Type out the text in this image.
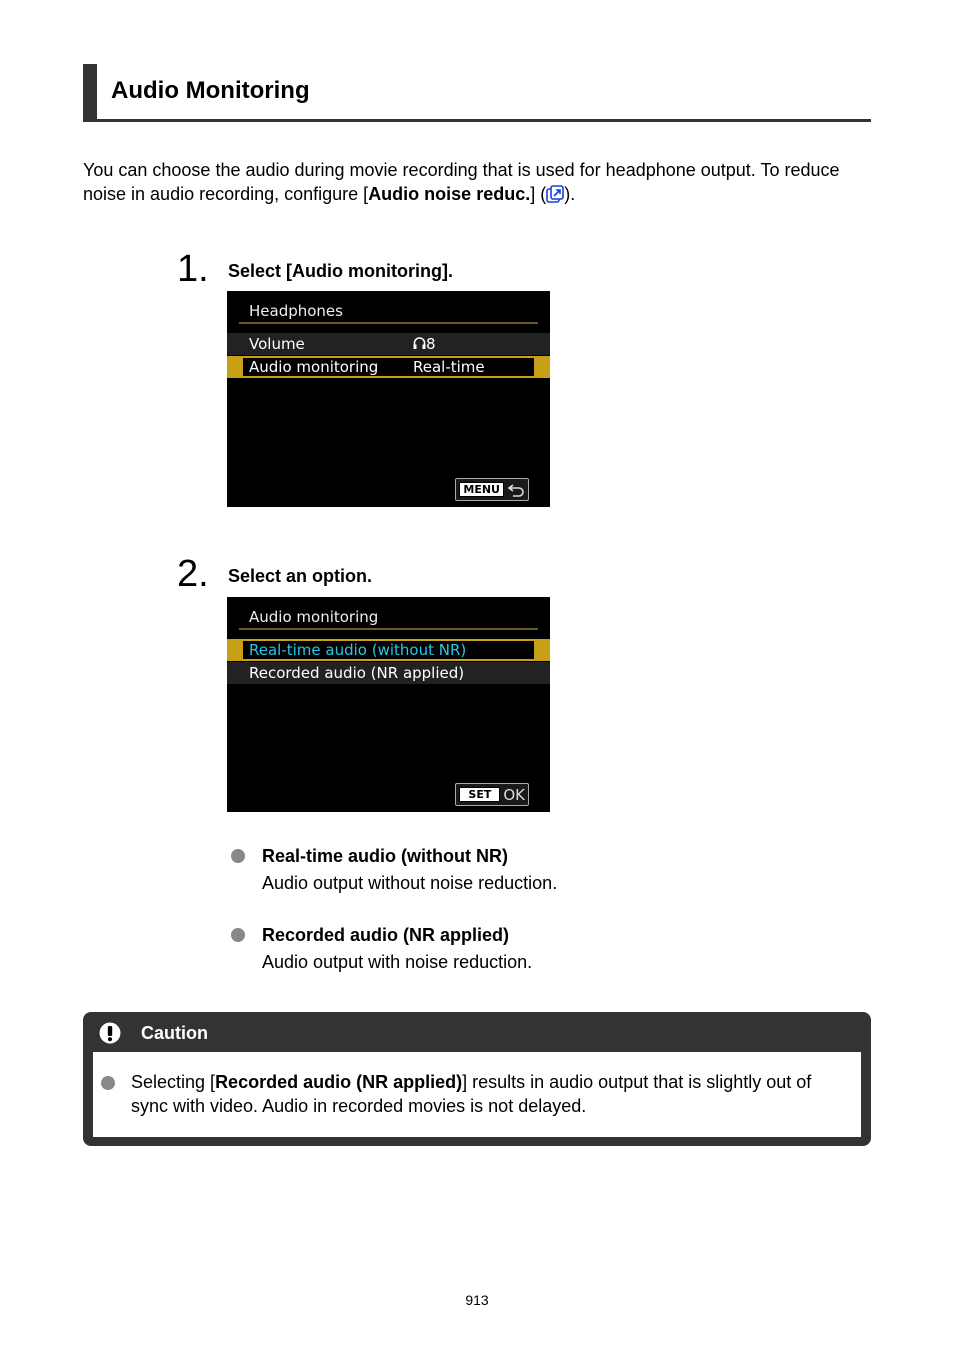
Audio Monitoring
You can choose the audio during movie recording that is used for headphone output. To reduce noise in audio recording, configure [Audio noise reduc.] ( ).
1. Select [Audio monitoring].
Headphones
Volume	8
Audio monitoring Real-time
MENU
2. Select an option.
Audio monitoring
Real-time audio (without NR)
Recorded audio (NR applied)
SET OK
Real-time audio (without NR)
Audio output without noise reduction.
Recorded audio (NR applied)
Audio output with noise reduction.
Caution
Selecting [Recorded audio (NR applied)] results in audio output that is slightly out of sync with video. Audio in recorded movies is not delayed.
913
